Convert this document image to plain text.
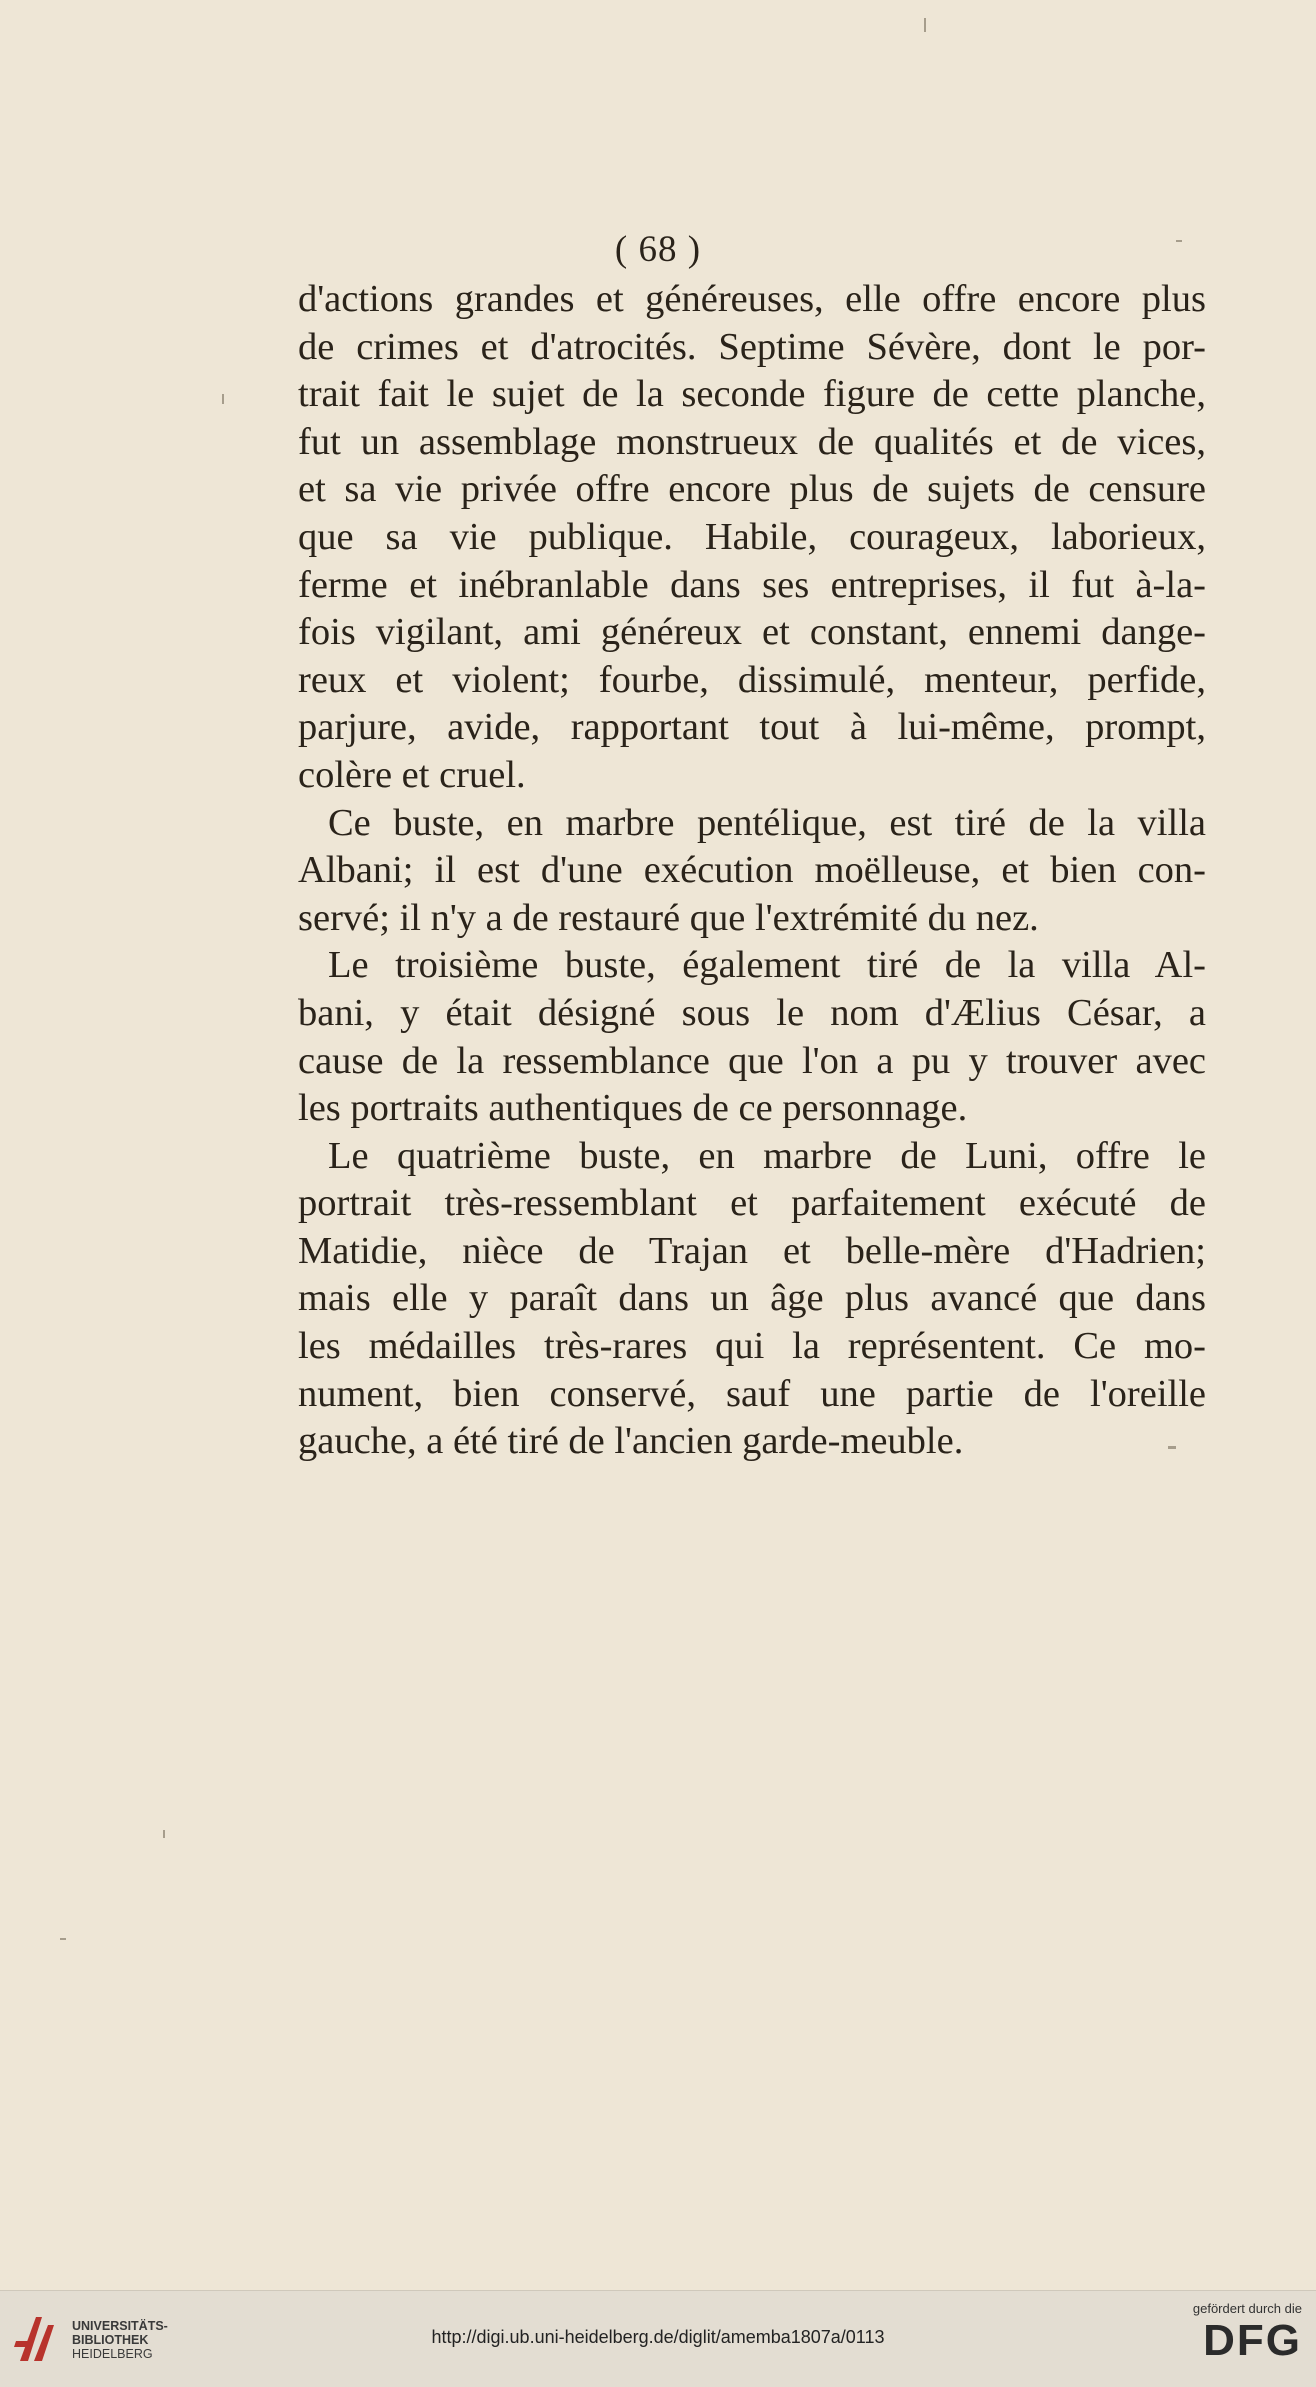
( 68 )
d'actions grandes et généreuses, elle offre encore plus
de crimes et d'atrocités. Septime Sévère, dont le por-
trait fait le sujet de la seconde figure de cette planche,
fut un assemblage monstrueux de qualités et de vices,
et sa vie privée offre encore plus de sujets de censure
que sa vie publique. Habile, courageux, laborieux,
ferme et inébranlable dans ses entreprises, il fut à-la-
fois vigilant, ami généreux et constant, ennemi dange-
reux et violent; fourbe, dissimulé, menteur, perfide,
parjure, avide, rapportant tout à lui-même, prompt,
colère et cruel.
Ce buste, en marbre pentélique, est tiré de la villa
Albani; il est d'une exécution moëlleuse, et bien con-
servé; il n'y a de restauré que l'extrémité du nez.
Le troisième buste, également tiré de la villa Al-
bani, y était désigné sous le nom d'Ælius César, a
cause de la ressemblance que l'on a pu y trouver avec
les portraits authentiques de ce personnage.
Le quatrième buste, en marbre de Luni, offre le
portrait très-ressemblant et parfaitement exécuté de
Matidie, nièce de Trajan et belle-mère d'Hadrien;
mais elle y paraît dans un âge plus avancé que dans
les médailles très-rares qui la représentent. Ce mo-
nument, bien conservé, sauf une partie de l'oreille
gauche, a été tiré de l'ancien garde-meuble.
UNIVERSITÄTS-
BIBLIOTHEK
HEIDELBERG
http://digi.ub.uni-heidelberg.de/diglit/amemba1807a/0113
gefördert durch die
DFG
